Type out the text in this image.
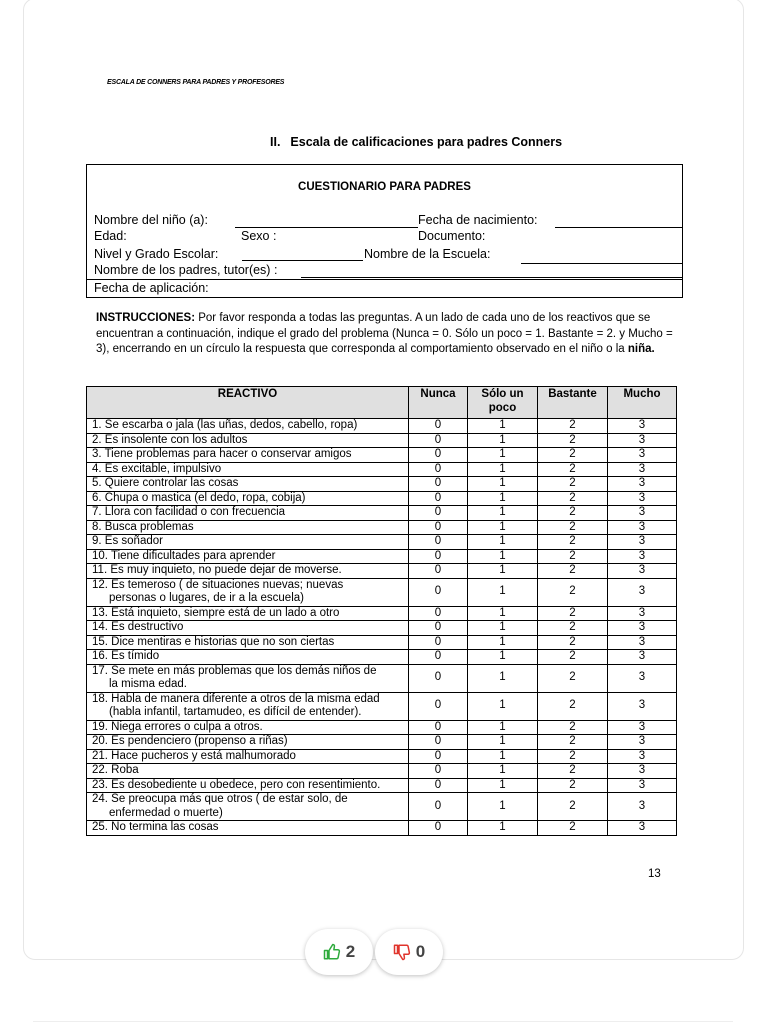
ESCALA DE CONNERS PARA PADRES Y PROFESORES
II. Escala de calificaciones para padres Conners
CUESTIONARIO PARA PADRES
Nombre del niño (a):	Fecha de nacimiento:
Edad:	Sexo :	Documento:
Nivel y Grado Escolar:	Nombre de la Escuela:
Nombre de los padres, tutor(es) :
Fecha de aplicación:
INSTRUCCIONES: Por favor responda a todas las preguntas. A un lado de cada uno de los reactivos que se encuentran a continuación, indique el grado del problema (Nunca = 0. Sólo un poco = 1. Bastante = 2. y Mucho = 3), encerrando en un círculo la respuesta que corresponda al comportamiento observado en el niño o la niña.
REACTIVO	Nunca	Sólo un poco	Bastante	Mucho
1. Se escarba o jala (las uñas, dedos, cabello, ropa)	0	1	2	3
2. Es insolente con los adultos	0	1	2	3
3. Tiene problemas para hacer o conservar amigos	0	1	2	3
4. Es excitable, impulsivo	0	1	2	3
5. Quiere controlar las cosas	0	1	2	3
6. Chupa o mastica (el dedo, ropa, cobija)	0	1	2	3
7. Llora con facilidad o con frecuencia	0	1	2	3
8. Busca problemas	0	1	2	3
9. Es soñador	0	1	2	3
10. Tiene dificultades para aprender	0	1	2	3
11. Es muy inquieto, no puede dejar de moverse.	0	1	2	3
12. Es temeroso ( de situaciones nuevas; nuevas
personas o lugares, de ir a la escuela)	0	1	2	3
13. Está inquieto, siempre está de un lado a otro	0	1	2	3
14. Es destructivo	0	1	2	3
15. Dice mentiras e historias que no son ciertas	0	1	2	3
16. Es tímido	0	1	2	3
17. Se mete en más problemas que los demás niños de
la misma edad.	0	1	2	3
18. Habla de manera diferente a otros de la misma edad
(habla infantil, tartamudeo, es difícil de entender).	0	1	2	3
19. Niega errores o culpa a otros.	0	1	2	3
20. Es pendenciero (propenso a riñas)	0	1	2	3
21. Hace pucheros y está malhumorado	0	1	2	3
22. Roba	0	1	2	3
23. Es desobediente u obedece, pero con resentimiento.	0	1	2	3
24. Se preocupa más que otros ( de estar solo, de
enfermedad o muerte)	0	1	2	3
25. No termina las cosas	0	1	2	3
13
2	0
